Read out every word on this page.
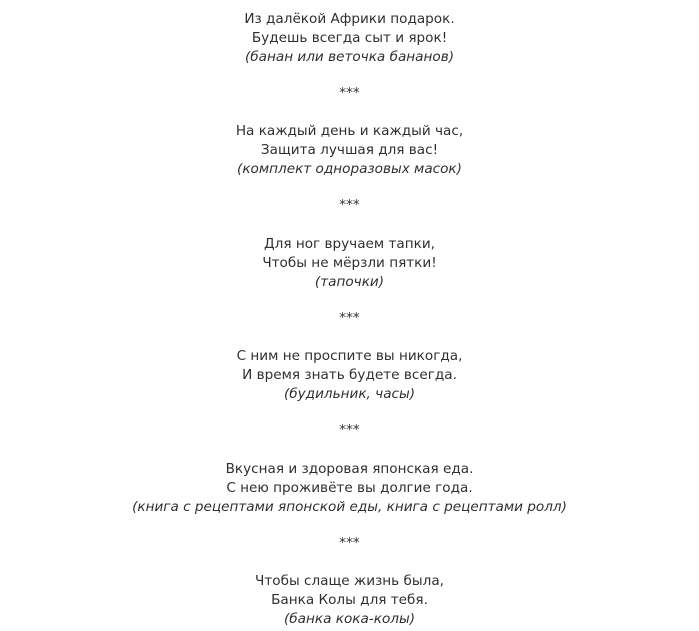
Из далёкой Африки подарок.
Будешь всегда сыт и ярок!
(банан или веточка бананов)
***
На каждый день и каждый час,
Защита лучшая для вас!
(комплект одноразовых масок)
***
Для ног вручаем тапки,
Чтобы не мёрзли пятки!
(тапочки)
***
С ним не проспите вы никогда,
И время знать будете всегда.
(будильник, часы)
***
Вкусная и здоровая японская еда.
С нею проживёте вы долгие года.
(книга с рецептами японской еды, книга с рецептами ролл)
***
Чтобы слаще жизнь была,
Банка Колы для тебя.
(банка кока-колы)
